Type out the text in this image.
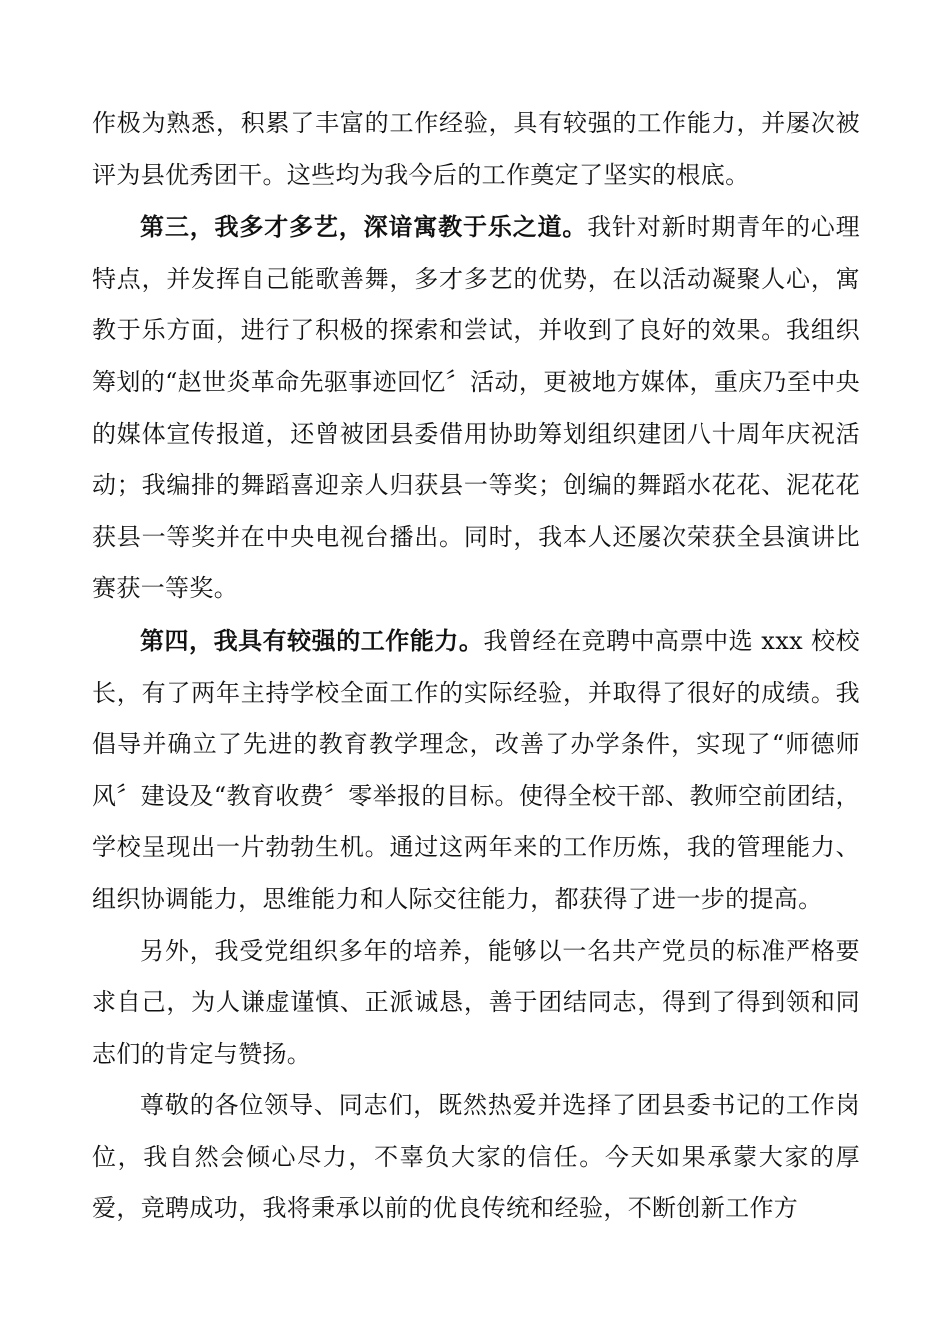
作极为熟悉，积累了丰富的工作经验，具有较强的工作能力，并屡次被评为县优秀团干。这些均为我今后的工作奠定了坚实的根底。

第三，我多才多艺，深谙寓教于乐之道。我针对新时期青年的心理特点，并发挥自己能歌善舞，多才多艺的优势，在以活动凝聚人心，寓教于乐方面，进行了积极的探索和尝试，并收到了良好的效果。我组织筹划的“赵世炎革命先驱事迹回忆〞活动，更被地方媒体，重庆乃至中央的媒体宣传报道，还曾被团县委借用协助筹划组织建团八十周年庆祝活动；我编排的舞蹈喜迎亲人归获县一等奖；创编的舞蹈水花花、泥花花获县一等奖并在中央电视台播出。同时，我本人还屡次荣获全县演讲比赛获一等奖。

第四，我具有较强的工作能力。我曾经在竞聘中高票中选 xxx 校校长，有了两年主持学校全面工作的实际经验，并取得了很好的成绩。我倡导并确立了先进的教育教学理念，改善了办学条件，实现了“师德师风〞建设及“教育收费〞零举报的目标。使得全校干部、教师空前团结，学校呈现出一片勃勃生机。通过这两年来的工作历炼，我的管理能力、组织协调能力，思维能力和人际交往能力，都获得了进一步的提高。

另外，我受党组织多年的培养，能够以一名共产党员的标准严格要求自己，为人谦虚谨慎、正派诚恳，善于团结同志，得到了得到领和同志们的肯定与赞扬。

尊敬的各位领导、同志们，既然热爱并选择了团县委书记的工作岗位，我自然会倾心尽力，不辜负大家的信任。今天如果承蒙大家的厚爱，竞聘成功，我将秉承以前的优良传统和经验，不断创新工作方
